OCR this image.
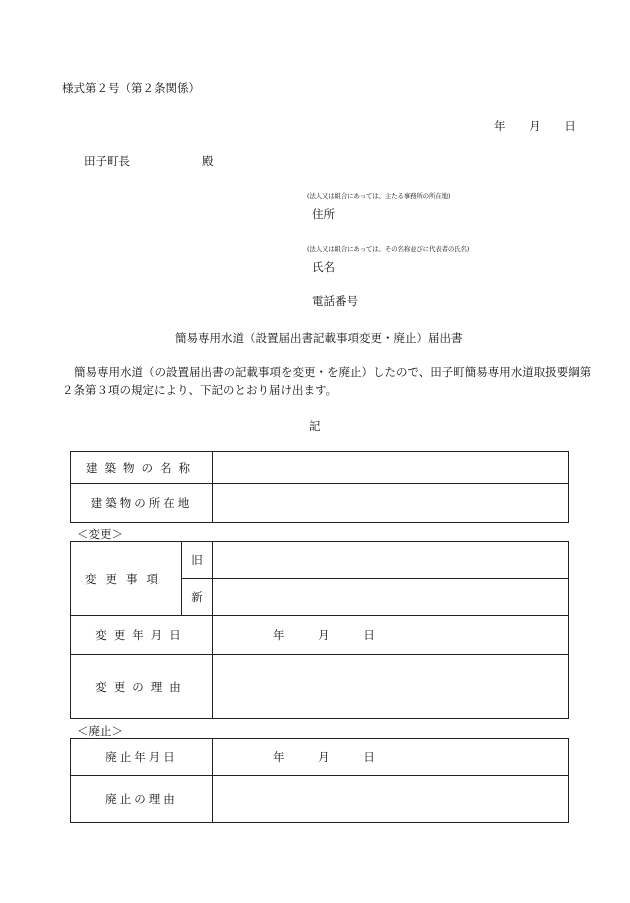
様式第２号（第２条関係）
年 月 日
田子町長	殿
(法人又は組合にあっては、主たる事務所の所在地)
住所
(法人又は組合にあっては、その名称並びに代表者の氏名)
氏名
電話番号
簡易専用水道（設置届出書記載事項変更・廃止）届出書
簡易専用水道（の設置届出書の記載事項を変更・を廃止）したので、田子町簡易専用水道取扱要綱第
２条第３項の規定により、下記のとおり届け出ます。
記
建築物の名称	
建築物の所在地	
＜変更＞
変更事項	旧	
	新	
変更年月日		年 月 日
変更の理由		
＜廃止＞
廃止年月日	年 月 日
廃止の理由	
